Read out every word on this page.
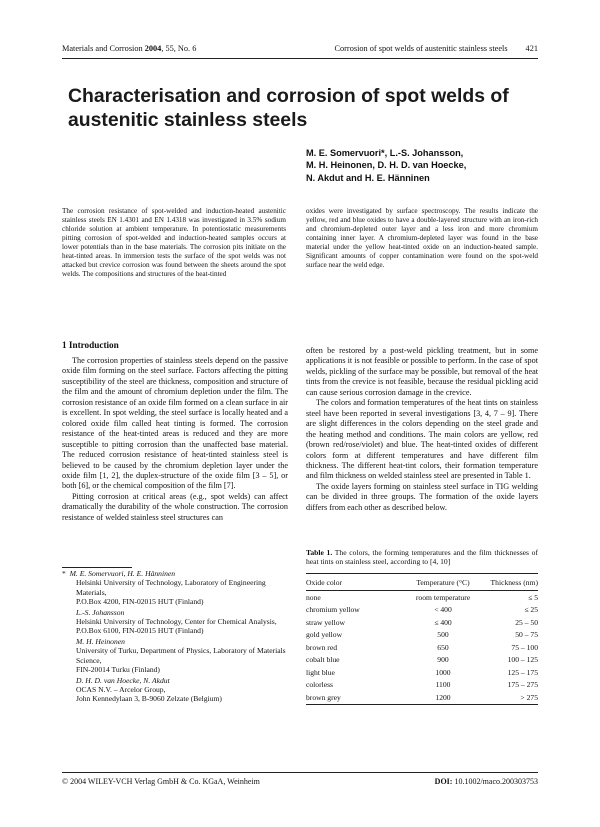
Materials and Corrosion 2004, 55, No. 6	Corrosion of spot welds of austenitic stainless steels 421
Characterisation and corrosion of spot welds of austenitic stainless steels
M. E. Somervuori*, L.-S. Johansson,
M. H. Heinonen, D. H. D. van Hoecke,
N. Akdut and H. E. Hänninen
The corrosion resistance of spot-welded and induction-heated austenitic stainless steels EN 1.4301 and EN 1.4318 was investigated in 3.5% sodium chloride solution at ambient temperature. In potentiostatic measurements pitting corrosion of spot-welded and induction-heated samples occurs at lower potentials than in the base materials. The corrosion pits initiate on the heat-tinted areas. In immersion tests the surface of the spot welds was not attacked but crevice corrosion was found between the sheets around the spot welds. The compositions and structures of the heat-tinted
oxides were investigated by surface spectroscopy. The results indicate the yellow, red and blue oxides to have a double-layered structure with an iron-rich and chromium-depleted outer layer and a less iron and more chromium containing inner layer. A chromium-depleted layer was found in the base material under the yellow heat-tinted oxide on an induction-heated sample. Significant amounts of copper contamination were found on the spot-weld surface near the weld edge.
1 Introduction

The corrosion properties of stainless steels depend on the passive oxide film forming on the steel surface. Factors affecting the pitting susceptibility of the steel are thickness, composition and structure of the film and the amount of chromium depletion under the film. The corrosion resistance of an oxide film formed on a clean surface in air is excellent. In spot welding, the steel surface is locally heated and a colored oxide film called heat tinting is formed. The corrosion resistance of the heat-tinted areas is reduced and they are more susceptible to pitting corrosion than the unaffected base material. The reduced corrosion resistance of heat-tinted stainless steel is believed to be caused by the chromium depletion layer under the oxide film [1, 2], the duplex-structure of the oxide film [3 – 5], or both [6], or the chemical composition of the film [7].

Pitting corrosion at critical areas (e.g., spot welds) can affect dramatically the durability of the whole construction. The corrosion resistance of welded stainless steel structures can

often be restored by a post-weld pickling treatment, but in some applications it is not feasible or possible to perform. In the case of spot welds, pickling of the surface may be possible, but removal of the heat tints from the crevice is not feasible, because the residual pickling acid can cause serious corrosion damage in the crevice.

The colors and formation temperatures of the heat tints on stainless steel have been reported in several investigations [3, 4, 7 – 9]. There are slight differences in the colors depending on the steel grade and the heating method and conditions. The main colors are yellow, red (brown red/rose/violet) and blue. The heat-tinted oxides of different colors form at different temperatures and have different film thickness. The different heat-tint colors, their formation temperature and film thickness on welded stainless steel are presented in Table 1.

The oxide layers forming on stainless steel surface in TIG welding can be divided in three groups. The formation of the oxide layers differs from each other as described below.

* M. E. Somervuori, H. E. Hänninen
Helsinki University of Technology, Laboratory of Engineering Materials,
P.O.Box 4200, FIN-02015 HUT (Finland)
L.-S. Johansson
Helsinki University of Technology, Center for Chemical Analysis,
P.O.Box 6100, FIN-02015 HUT (Finland)
M. H. Heinonen
University of Turku, Department of Physics, Laboratory of Materials Science,
FIN-20014 Turku (Finland)
D. H. D. van Hoecke, N. Akdut
OCAS N.V. – Arcelor Group,
John Kennedylaan 3, B-9060 Zelzate (Belgium)
Table 1. The colors, the forming temperatures and the film thicknesses of heat tints on stainless steel, according to [4, 10]
Oxide color	Temperature (°C)	Thickness (nm)
none	room temperature	≤ 5
chromium yellow	< 400	≤ 25
straw yellow	≤ 400	25 – 50
gold yellow	500	50 – 75
brown red	650	75 – 100
cobalt blue	900	100 – 125
light blue	1000	125 – 175
colorless	1100	175 – 275
brown grey	1200	> 275
© 2004 WILEY-VCH Verlag GmbH & Co. KGaA, Weinheim	DOI: 10.1002/maco.200303753
